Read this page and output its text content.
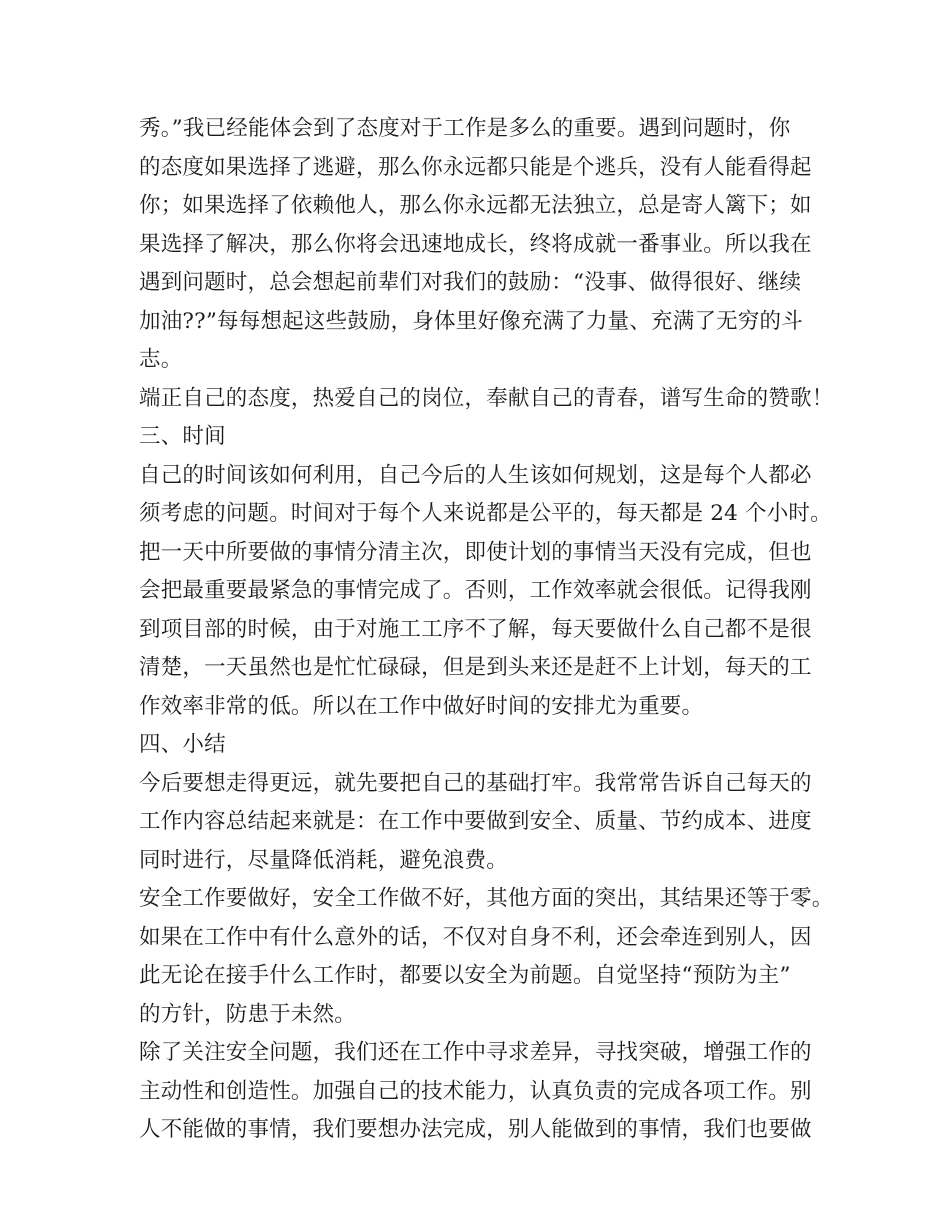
秀。”我已经能体会到了态度对于工作是多么的重要。遇到问题时，你
的态度如果选择了逃避，那么你永远都只能是个逃兵，没有人能看得起
你；如果选择了依赖他人，那么你永远都无法独立，总是寄人篱下；如
果选择了解决，那么你将会迅速地成长，终将成就一番事业。所以我在
遇到问题时，总会想起前辈们对我们的鼓励：“没事、做得很好、继续
加油??”每每想起这些鼓励，身体里好像充满了力量、充满了无穷的斗
志。
端正自己的态度，热爱自己的岗位，奉献自己的青春，谱写生命的赞歌！
三、时间
自己的时间该如何利用，自己今后的人生该如何规划，这是每个人都必
须考虑的问题。时间对于每个人来说都是公平的，每天都是 24 个小时。
把一天中所要做的事情分清主次，即使计划的事情当天没有完成，但也
会把最重要最紧急的事情完成了。否则，工作效率就会很低。记得我刚
到项目部的时候，由于对施工工序不了解，每天要做什么自己都不是很
清楚，一天虽然也是忙忙碌碌，但是到头来还是赶不上计划，每天的工
作效率非常的低。所以在工作中做好时间的安排尤为重要。
四、小结
今后要想走得更远，就先要把自己的基础打牢。我常常告诉自己每天的
工作内容总结起来就是：在工作中要做到安全、质量、节约成本、进度
同时进行，尽量降低消耗，避免浪费。
安全工作要做好，安全工作做不好，其他方面的突出，其结果还等于零。
如果在工作中有什么意外的话，不仅对自身不利，还会牵连到别人，因
此无论在接手什么工作时，都要以安全为前题。自觉坚持“预防为主”
的方针，防患于未然。
除了关注安全问题，我们还在工作中寻求差异，寻找突破，增强工作的
主动性和创造性。加强自己的技术能力，认真负责的完成各项工作。别
人不能做的事情，我们要想办法完成，别人能做到的事情，我们也要做
